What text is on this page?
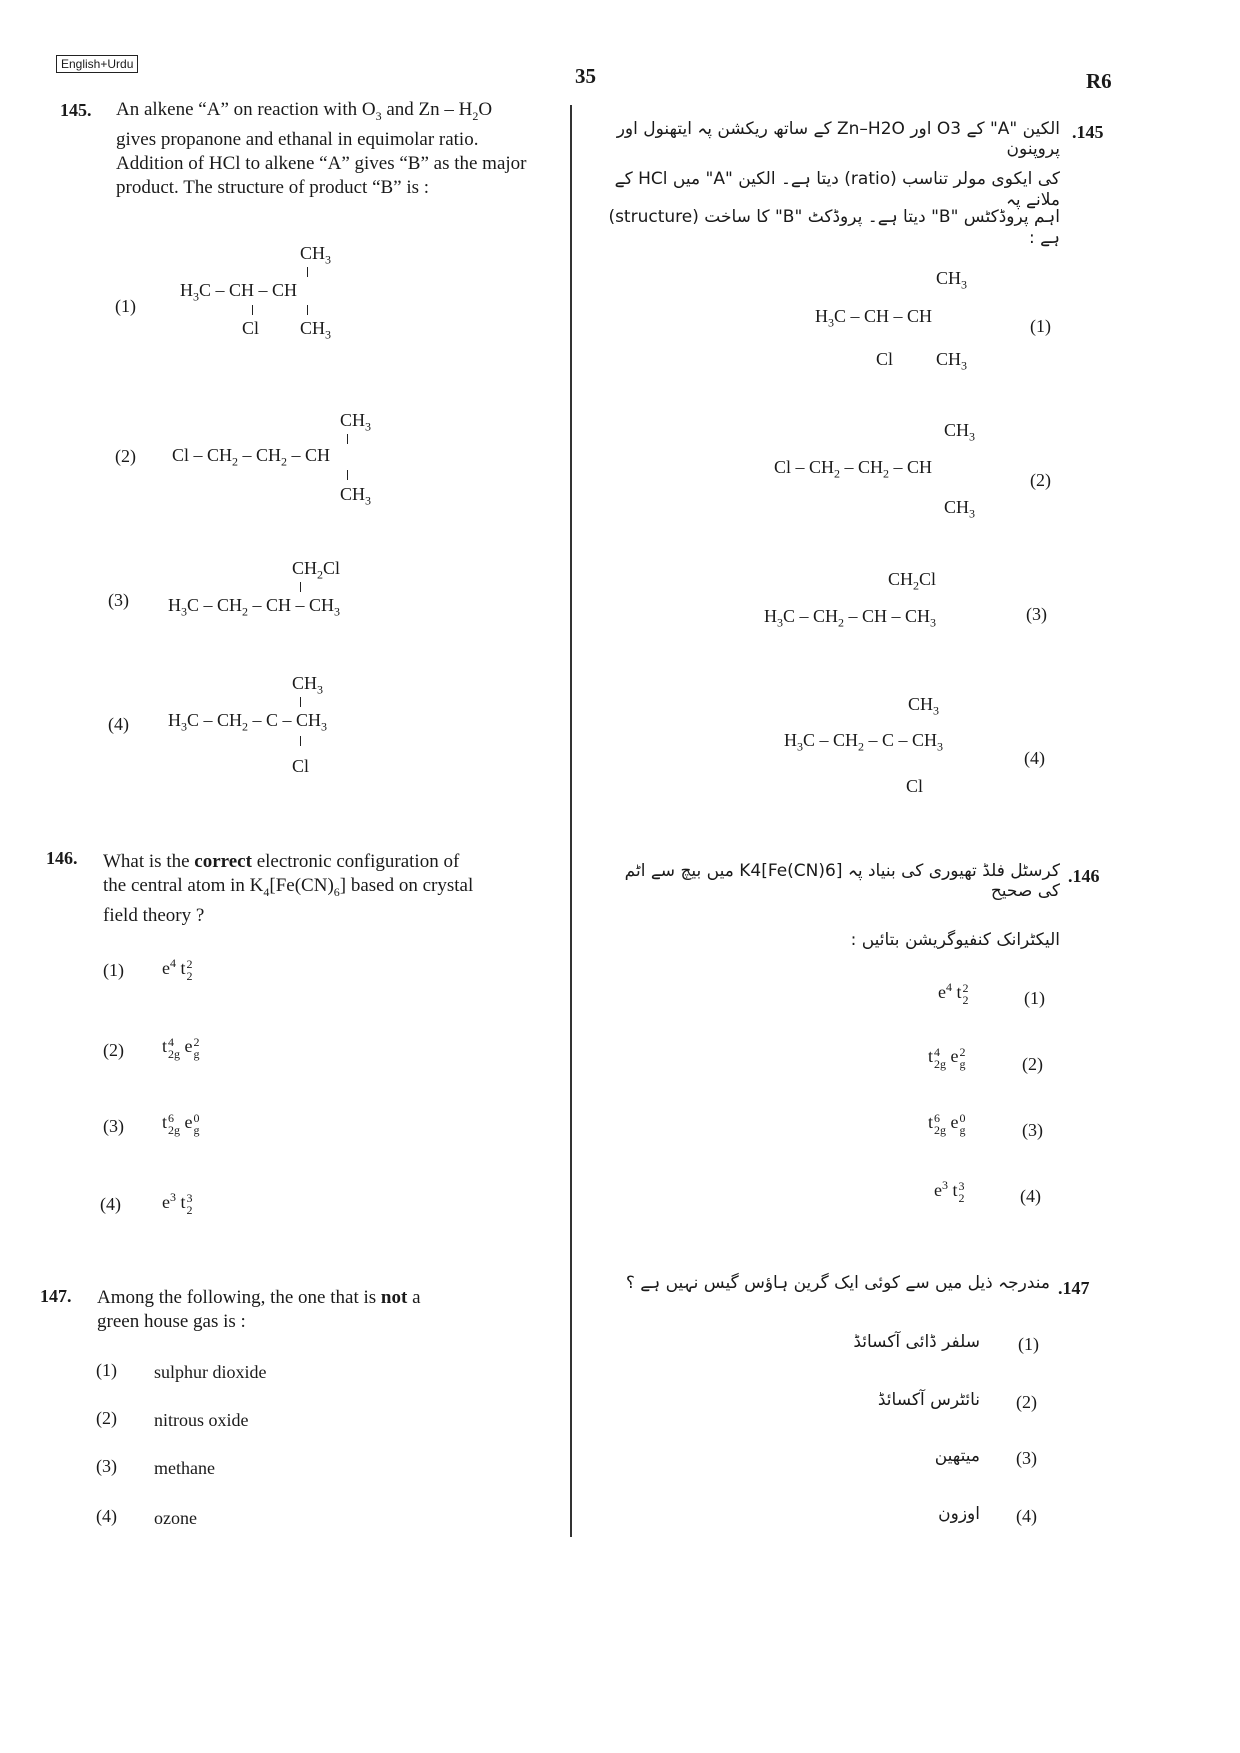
English+Urdu	35	R6
145. An alkene “A” on reaction with $O_3$ and Zn – $H_2O$
gives propanone and ethanal in equimolar ratio.
Addition of HCl to alkene “A” gives “B” as the major
product. The structure of product “B” is :
(1)
$CH_3$
$H_3C$ – CH – CH
Cl $CH_3$
(2)
$CH_3$
Cl – $CH_2 - CH_2$ – CH
$CH_3$
(3)
$CH_2Cl$
$H_3C - CH_2$ – CH – $CH_3$
(4)
$CH_3$
$H_3C - CH_2$ – C – $CH_3$
Cl
.145
الکین "A" کے O3 اور Zn–H2O کے ساتھ ریکشن پہ ایتھنول اور پروپنون
کی ایکوی مولر تناسب (ratio) دیتا ہے۔ الکین "A" میں HCl کے ملانے پہ
اہم پروڈکٹس "B" دیتا ہے۔ پروڈکٹ "B" کا ساخت (structure) ہے :
$CH_3$
$H_3C$ – CH – CH
Cl $CH_3$
(1)
$CH_3$
Cl – $CH_2 - CH_2$ – CH
$CH_3$
(2)
$CH_2Cl$
$H_3C - CH_2$ – CH – $CH_3$	(3)
$CH_3$
$H_3C - CH_2$ – C – $CH_3$
Cl
(4)
146. What is the correct electronic configuration of
the central atom in $K_4[Fe(CN)_6]$ based on crystal
field theory ?
(1) $e^4$ t 2
2
(2) t 4
2g e 2
g
(3) t 6
2g e 0
g
(4) $e^3$ t 3
2
.146
کرسٹل فلڈ تھیوری کی بنیاد پہ K4[Fe(CN)6] میں بیچ سے اٹم کی صحیح
الیکٹرانک کنفیوگریشن بتائیں :
$e^4$ t 2
2	(1)
t 4
2g e 2
g	(2)
t 6
2g e 0
g	(3)
$e^3$ t 3
2	(4)
147. Among the following, the one that is not a
green house gas is :
(1) sulphur dioxide
(2) nitrous oxide
(3) methane
(4) ozone
.147
مندرجہ ذیل میں سے کوئی ایک گرین ہاؤس گیس نہیں ہے ؟
سلفر ڈائی آکسائڈ (1)
نائٹرس آکسائڈ (2)
میتھین (3)
اوزون (4)
